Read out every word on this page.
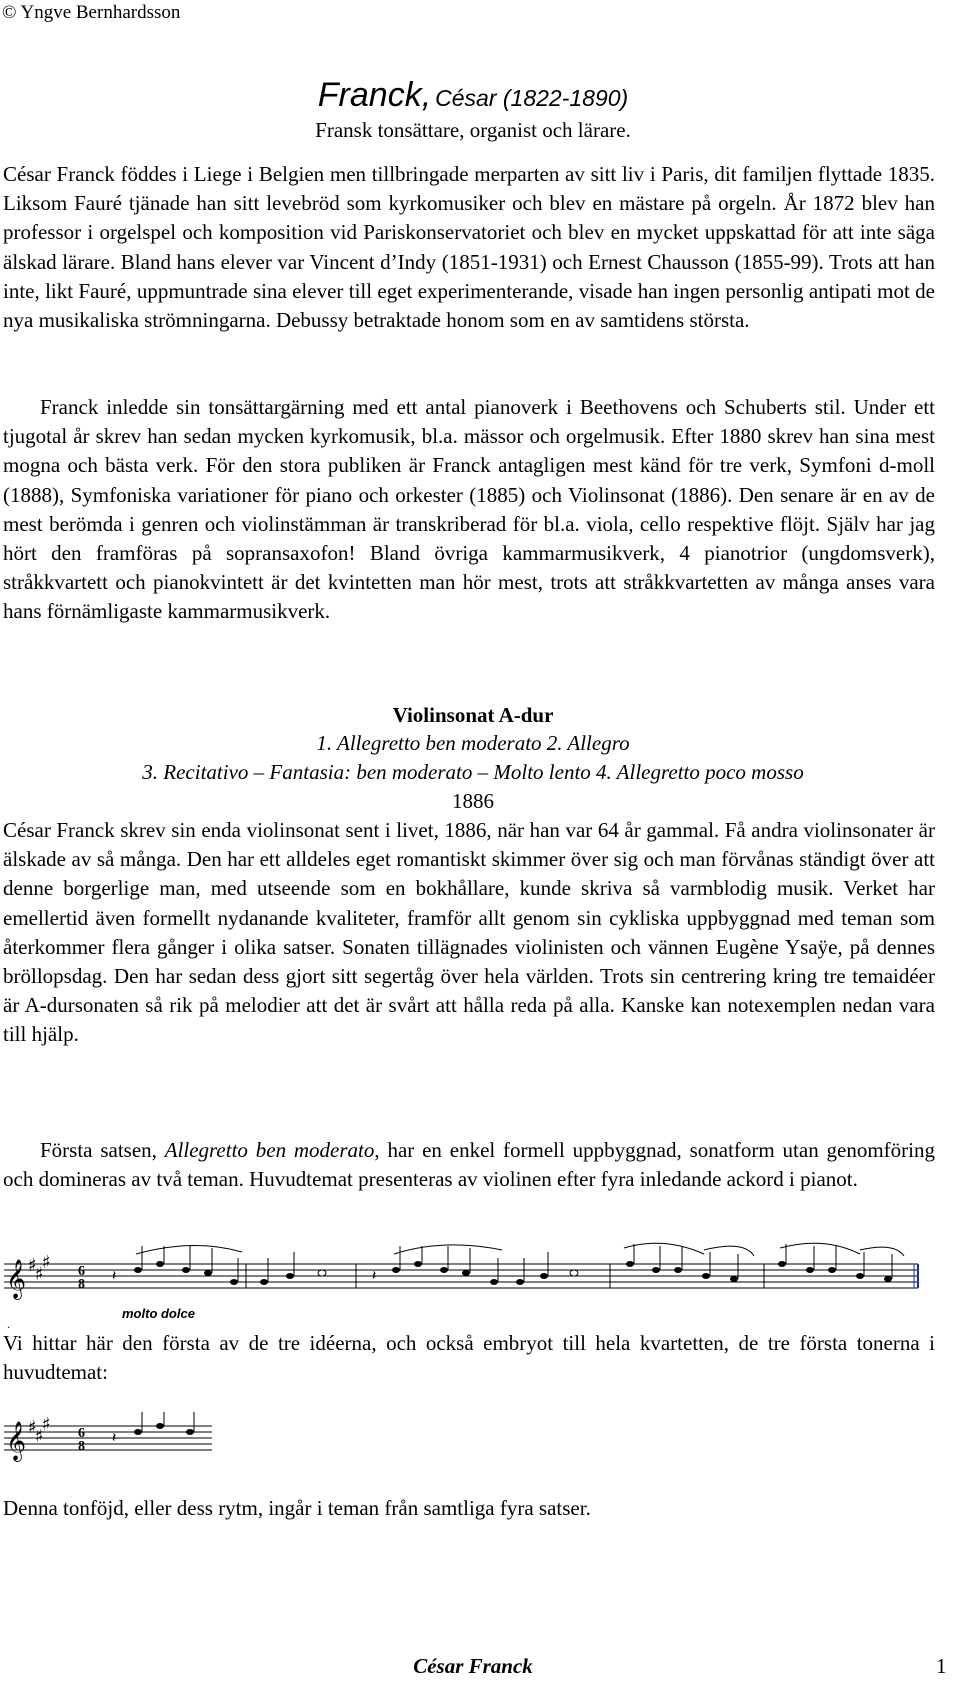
© Yngve Bernhardsson
Franck, César (1822-1890)
Fransk tonsättare, organist och lärare.

César Franck föddes i Liege i Belgien men tillbringade merparten av sitt liv i Paris, dit familjen flyttade 1835. Liksom Fauré tjänade han sitt levebröd som kyrkomusiker och blev en mästare på orgeln. År 1872 blev han professor i orgelspel och komposition vid Pariskonservatoriet och blev en mycket uppskattad för att inte säga älskad lärare. Bland hans elever var Vincent d’Indy (1851-1931) och Ernest Chausson (1855-99). Trots att han inte, likt Fauré, uppmuntrade sina elever till eget experimenterande, visade han ingen personlig antipati mot de nya musikaliska strömningarna. Debussy betraktade honom som en av samtidens största.

Franck inledde sin tonsättargärning med ett antal pianoverk i Beethovens och Schuberts stil. Under ett tjugotal år skrev han sedan mycken kyrkomusik, bl.a. mässor och orgelmusik. Efter 1880 skrev han sina mest mogna och bästa verk. För den stora publiken är Franck antagligen mest känd för tre verk, Symfoni d-moll (1888), Symfoniska variationer för piano och orkester (1885) och Violinsonat (1886). Den senare är en av de mest berömda i genren och violinstämman är transkriberad för bl.a. viola, cello respektive flöjt. Själv har jag hört den framföras på sopransaxofon! Bland övriga kammarmusikverk, 4 pianotrior (ungdomsverk), stråkkvartett och pianokvintett är det kvintetten man hör mest, trots att stråkkvartetten av många anses vara hans förnämligaste kammarmusikverk.

Violinsonat A-dur
1. Allegretto ben moderato 2. Allegro
3. Recitativo – Fantasia: ben moderato – Molto lento 4. Allegretto poco mosso
1886

César Franck skrev sin enda violinsonat sent i livet, 1886, när han var 64 år gammal. Få andra violinsonater är älskade av så många. Den har ett alldeles eget romantiskt skimmer över sig och man förvånas ständigt över att denne borgerlige man, med utseende som en bokhållare, kunde skriva så varmblodig musik. Verket har emellertid även formellt nydanande kvaliteter, framför allt genom sin cykliska uppbyggnad med teman som återkommer flera gånger i olika satser. Sonaten tillägnades violinisten och vännen Eugène Ysaÿe, på dennes bröllopsdag. Den har sedan dess gjort sitt segertåg över hela världen. Trots sin centrering kring tre temaidéer är A-dursonaten så rik på melodier att det är svårt att hålla reda på alla. Kanske kan notexemplen nedan vara till hjälp.

Första satsen, Allegretto ben moderato, har en enkel formell uppbyggnad, sonatform utan genomföring och domineras av två teman. Huvudtemat presenteras av violinen efter fyra inledande ackord i pianot.

𝄞 ♯
♯
♯ 6
8
𝄽	𝄽
molto dolce
.

Vi hittar här den första av de tre idéerna, och också embryot till hela kvartetten, de tre första tonerna i huvudtemat:

𝄞 ♯
♯
♯ 6
8
𝄽

Denna tonföjd, eller dess rytm, ingår i teman från samtliga fyra satser.

César Franck	1
